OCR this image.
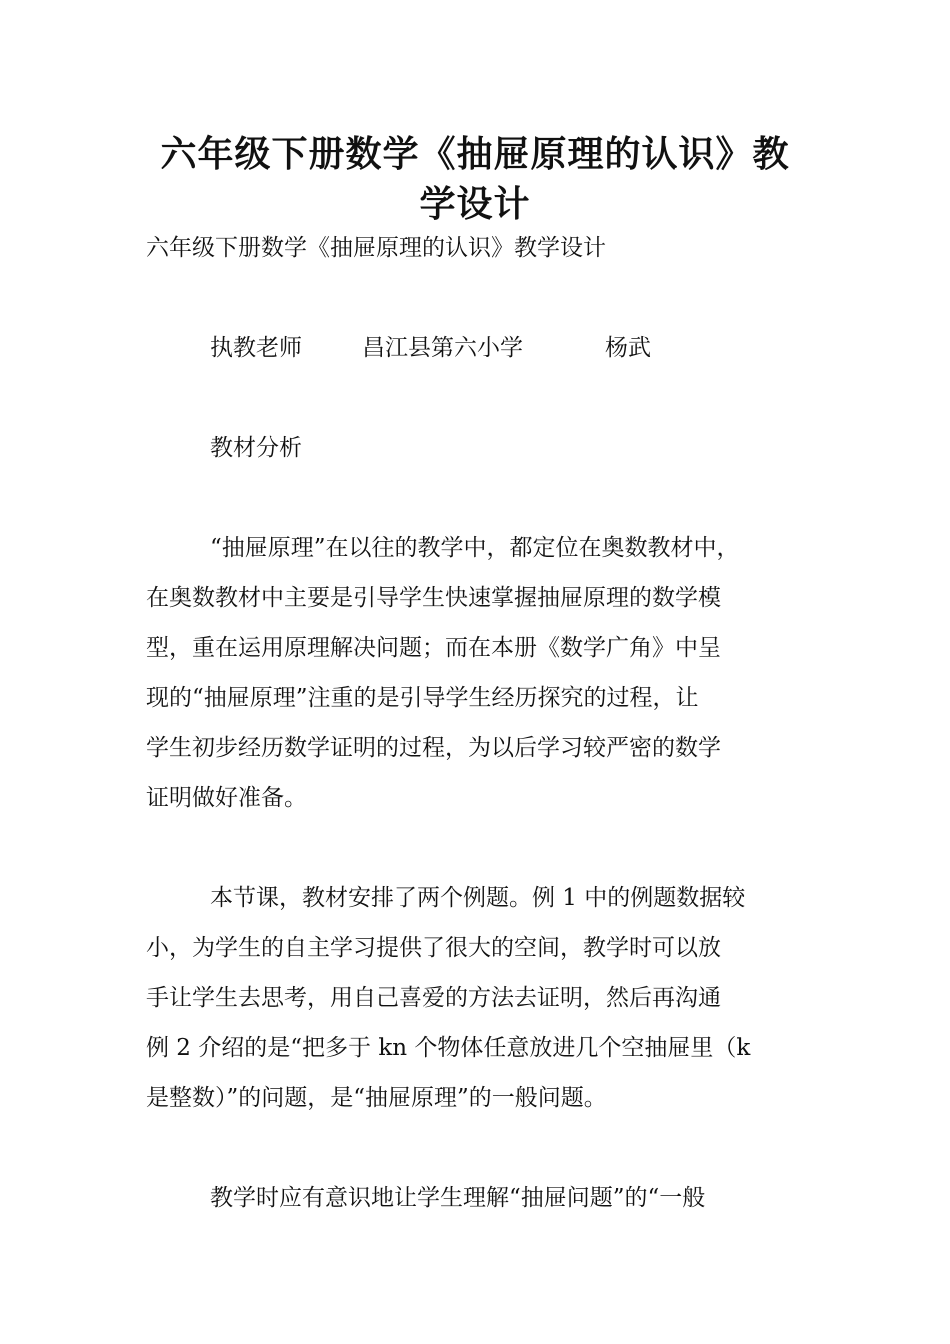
六年级下册数学《抽屉原理的认识》教
学设计

六年级下册数学《抽屉原理的认识》教学设计

执教老师	昌江县第六小学	杨武

教材分析

“抽屉原理”在以往的教学中，都定位在奥数教材中，

在奥数教材中主要是引导学生快速掌握抽屉原理的数学模

型，重在运用原理解决问题；而在本册《数学广角》中呈

现的“抽屉原理”注重的是引导学生经历探究的过程，让

学生初步经历数学证明的过程，为以后学习较严密的数学

证明做好准备。

本节课，教材安排了两个例题。例 1 中的例题数据较

小，为学生的自主学习提供了很大的空间，教学时可以放

手让学生去思考，用自己喜爱的方法去证明，然后再沟通

例 2 介绍的是“把多于 kn 个物体任意放进几个空抽屉里（k

是整数）”的问题，是“抽屉原理”的一般问题。

教学时应有意识地让学生理解“抽屉问题”的“一般
